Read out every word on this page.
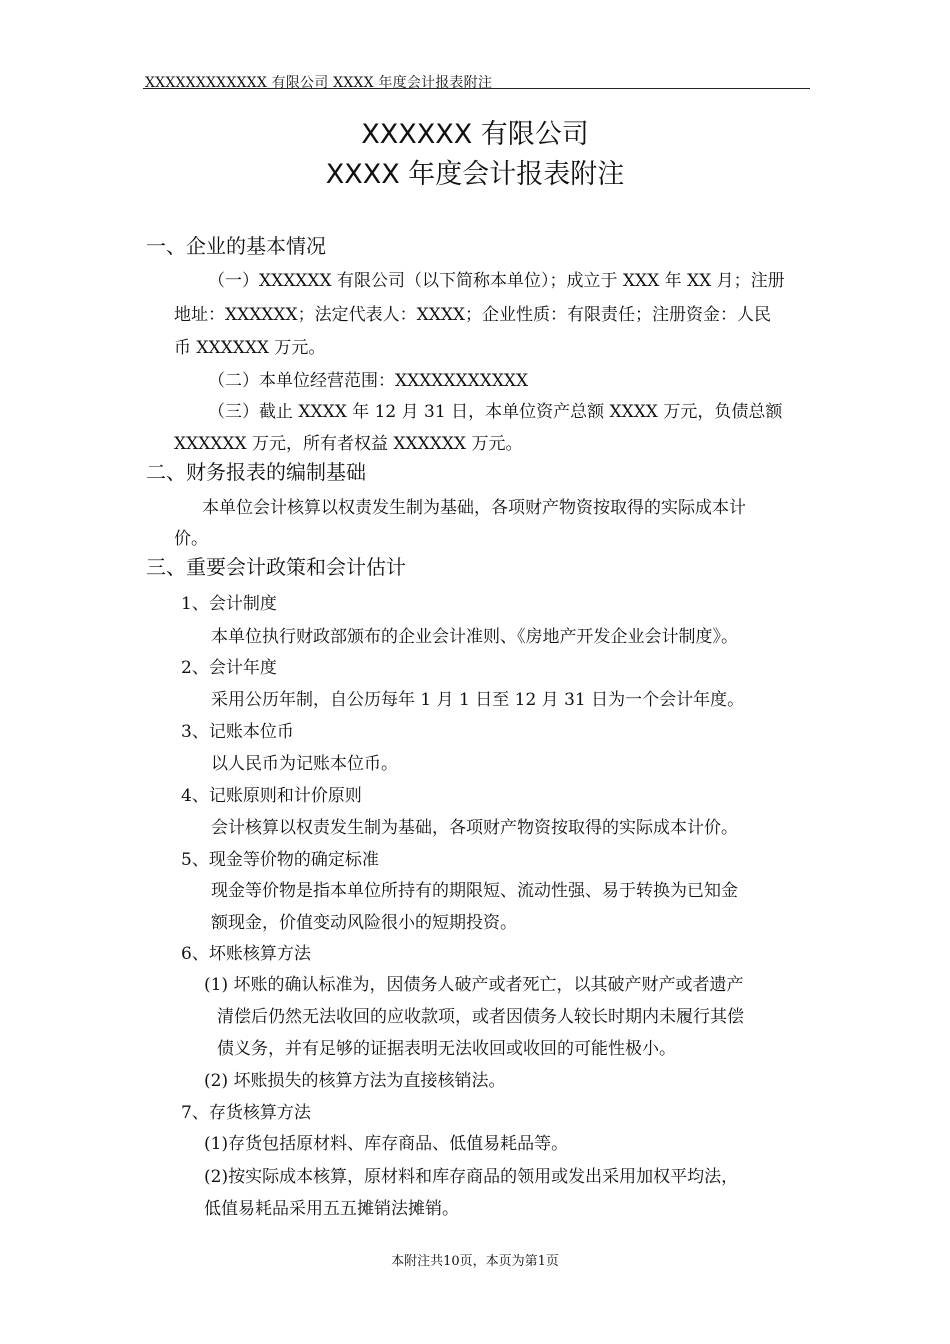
XXXXXXXXXXXX 有限公司 XXXX 年度会计报表附注
XXXXXX 有限公司
XXXX 年度会计报表附注
一、企业的基本情况
（一）XXXXXX 有限公司（以下简称本单位）；成立于 XXX 年 XX 月；注册
地址：XXXXXX；法定代表人：XXXX；企业性质：有限责任；注册资金：人民
币 XXXXXX 万元。
（二）本单位经营范围：XXXXXXXXXXX
（三）截止 XXXX 年 12 月 31 日，本单位资产总额 XXXX 万元，负债总额
XXXXXX 万元，所有者权益 XXXXXX 万元。
二、财务报表的编制基础
本单位会计核算以权责发生制为基础，各项财产物资按取得的实际成本计
价。
三、重要会计政策和会计估计
1、会计制度
本单位执行财政部颁布的企业会计准则、《房地产开发企业会计制度》。
2、会计年度
采用公历年制，自公历每年 1 月 1 日至 12 月 31 日为一个会计年度。
3、记账本位币
以人民币为记账本位币。
4、记账原则和计价原则
会计核算以权责发生制为基础，各项财产物资按取得的实际成本计价。
5、现金等价物的确定标准
现金等价物是指本单位所持有的期限短、流动性强、易于转换为已知金
额现金，价值变动风险很小的短期投资。
6、坏账核算方法
(1) 坏账的确认标准为，因债务人破产或者死亡，以其破产财产或者遗产
清偿后仍然无法收回的应收款项，或者因债务人较长时期内未履行其偿
债义务，并有足够的证据表明无法收回或收回的可能性极小。
(2) 坏账损失的核算方法为直接核销法。
7、存货核算方法
(1)存货包括原材料、库存商品、低值易耗品等。
(2)按实际成本核算，原材料和库存商品的领用或发出采用加权平均法，
低值易耗品采用五五摊销法摊销。
本附注共10页，本页为第1页
